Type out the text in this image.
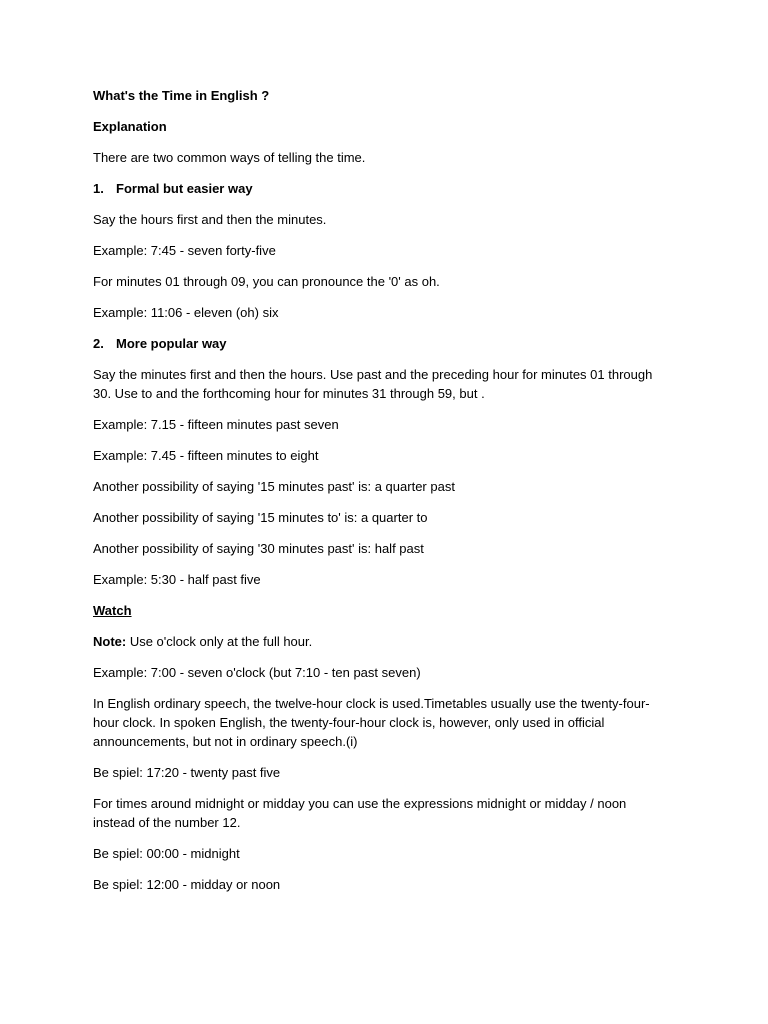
What's the Time in English ?

Explanation

There are two common ways of telling the time.

1. Formal but easier way

Say the hours first and then the minutes.

Example: 7:45 - seven forty-five

For minutes 01 through 09, you can pronounce the '0' as oh.

Example: 11:06 - eleven (oh) six

2. More popular way

Say the minutes first and then the hours. Use past and the preceding hour for minutes 01 through 30. Use to and the forthcoming hour for minutes 31 through 59, but .

Example: 7.15 - fifteen minutes past seven

Example: 7.45 - fifteen minutes to eight

Another possibility of saying '15 minutes past' is: a quarter past

Another possibility of saying '15 minutes to' is: a quarter to

Another possibility of saying '30 minutes past' is: half past

Example: 5:30 - half past five

Watch

Note: Use o'clock only at the full hour.

Example: 7:00 - seven o'clock (but 7:10 - ten past seven)

In English ordinary speech, the twelve-hour clock is used.Timetables usually use the twenty-four-hour clock. In spoken English, the twenty-four-hour clock is, however, only used in official announcements, but not in ordinary speech.(i)

Be spiel: 17:20 - twenty past five

For times around midnight or midday you can use the expressions midnight or midday / noon instead of the number 12.

Be spiel: 00:00 - midnight

Be spiel: 12:00 - midday or noon
